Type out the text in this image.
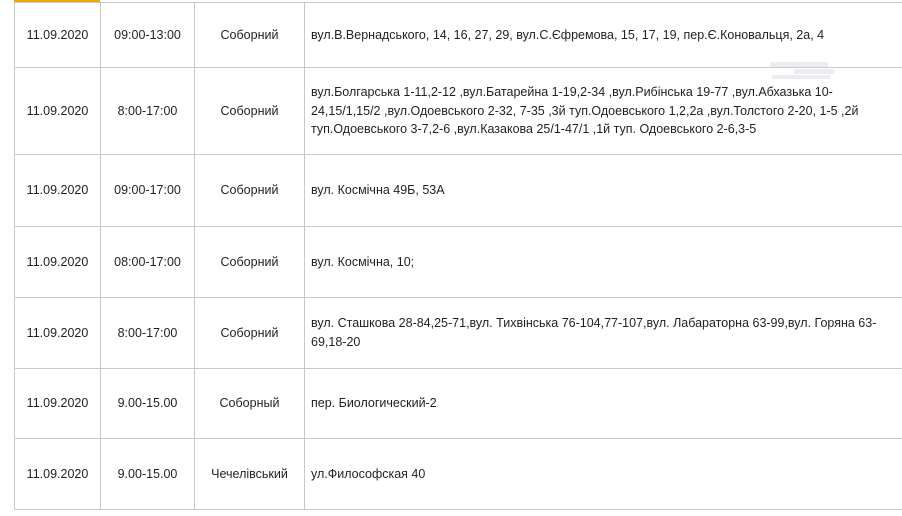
11.09.2020	09:00-13:00	Соборний	вул.В.Вернадського, 14, 16, 27, 29, вул.С.Єфремова, 15, 17, 19, пер.Є.Коновальця, 2а, 4
11.09.2020	8:00-17:00	Соборний	вул.Болгарська 1-11,2-12 ,вул.Батарейна 1-19,2-34 ,вул.Рибінська 19-77 ,вул.Абхазька 10-24,15/1,15/2 ,вул.Одоевського 2-32, 7-35 ,3й туп.Одоевського 1,2,2а ,вул.Толстого 2-20, 1-5 ,2й туп.Одоевського 3-7,2-6 ,вул.Казакова 25/1-47/1 ,1й туп. Одоевського 2-6,3-5
11.09.2020	09:00-17:00	Соборний	вул. Космічна 49Б, 53А
11.09.2020	08:00-17:00	Соборний	вул. Космічна, 10;
11.09.2020	8:00-17:00	Соборний	вул. Сташкова 28-84,25-71,вул. Тихвінська 76-104,77-107,вул. Лабараторна 63-99,вул. Горяна 63-69,18-20
11.09.2020	9.00-15.00	Соборный	пер. Биологический-2
11.09.2020	9.00-15.00	Чечелівський	ул.Философская 40
